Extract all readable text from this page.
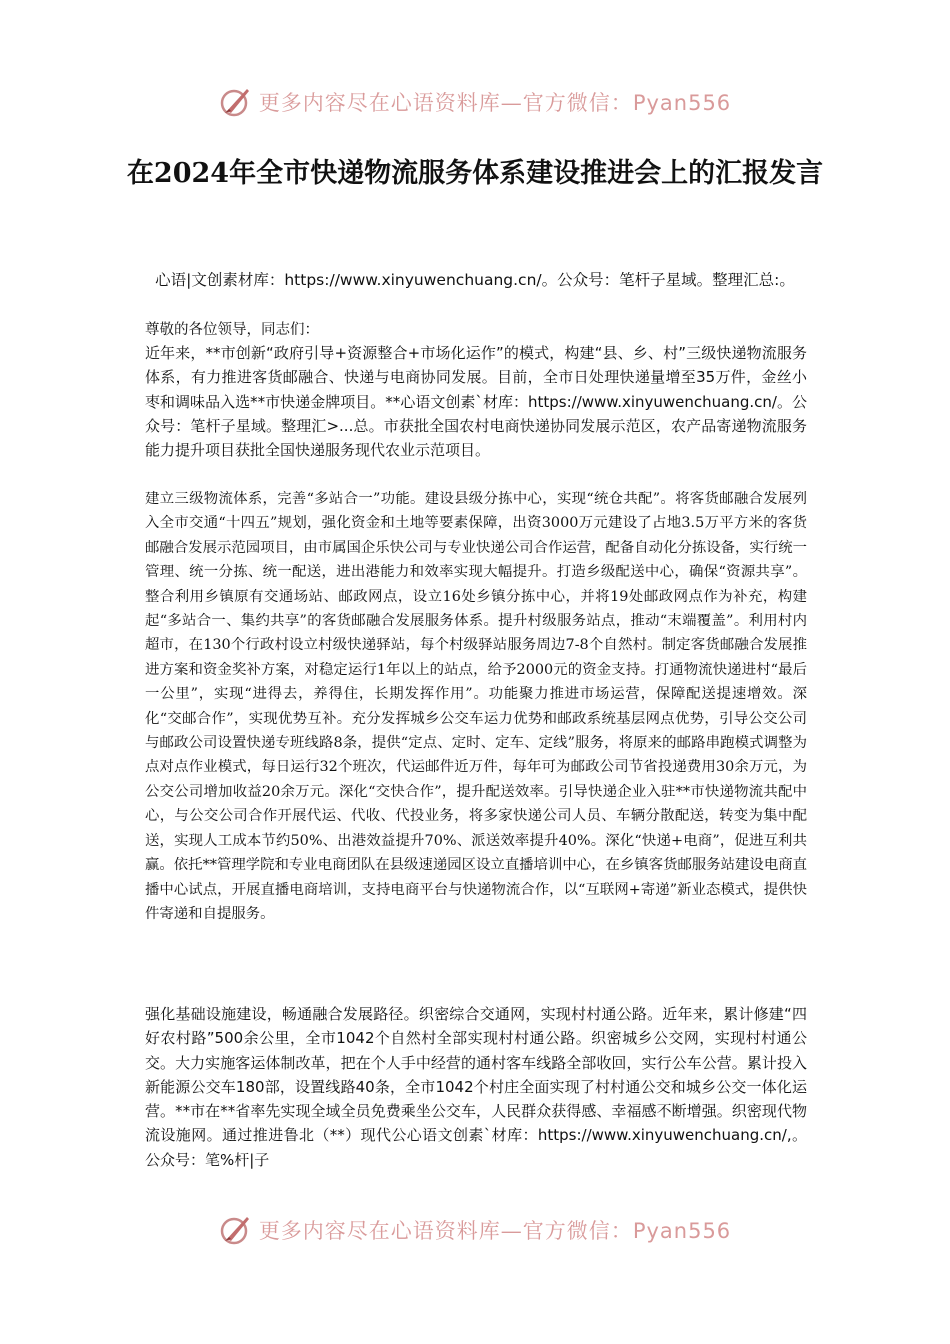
更多内容尽在心语资料库—官方微信：Pyan556
在2024年全市快递物流服务体系建设推进会上的汇报发言

心语|文创素材库：https://www.xinyuwenchuang.cn/。公众号：笔杆子星域。整理汇总:。

尊敬的各位领导，同志们：

近年来，**市创新“政府引导+资源整合+市场化运作”的模式，构建“县、乡、村”三级快递物流服务体系，有力推进客货邮融合、快递与电商协同发展。目前，全市日处理快递量增至35万件，金丝小枣和调味品入选**市快递金牌项目。**心语文创素`材库：https://www.xinyuwenchuang.cn/。公众号：笔杆子星域。整理汇>...总。市获批全国农村电商快递协同发展示范区，农产品寄递物流服务能力提升项目获批全国快递服务现代农业示范项目。

建立三级物流体系，完善“多站合一”功能。建设县级分拣中心，实现“统仓共配”。将客货邮融合发展列入全市交通“十四五”规划，强化资金和土地等要素保障，出资3000万元建设了占地3.5万平方米的客货邮融合发展示范园项目，由市属国企乐快公司与专业快递公司合作运营，配备自动化分拣设备，实行统一管理、统一分拣、统一配送，进出港能力和效率实现大幅提升。打造乡级配送中心，确保“资源共享”。整合利用乡镇原有交通场站、邮政网点，设立16处乡镇分拣中心，并将19处邮政网点作为补充，构建起“多站合一、集约共享”的客货邮融合发展服务体系。提升村级服务站点，推动“末端覆盖”。利用村内超市，在130个行政村设立村级快递驿站，每个村级驿站服务周边7-8个自然村。制定客货邮融合发展推进方案和资金奖补方案，对稳定运行1年以上的站点，给予2000元的资金支持。打通物流快递进村“最后一公里”，实现“进得去，养得住，长期发挥作用”。功能聚力推进市场运营，保障配送提速增效。深化“交邮合作”，实现优势互补。充分发挥城乡公交车运力优势和邮政系统基层网点优势，引导公交公司与邮政公司设置快递专班线路8条，提供“定点、定时、定车、定线”服务，将原来的邮路串跑模式调整为点对点作业模式，每日运行32个班次，代运邮件近万件，每年可为邮政公司节省投递费用30余万元，为公交公司增加收益20余万元。深化“交快合作”，提升配送效率。引导快递企业入驻**市快递物流共配中心，与公交公司合作开展代运、代收、代投业务，将多家快递公司人员、车辆分散配送，转变为集中配送，实现人工成本节约50%、出港效益提升70%、派送效率提升40%。深化“快递+电商”，促进互利共赢。依托**管理学院和专业电商团队在县级速递园区设立直播培训中心，在乡镇客货邮服务站建设电商直播中心试点，开展直播电商培训，支持电商平台与快递物流合作，以“互联网+寄递”新业态模式，提供快件寄递和自提服务。

强化基础设施建设，畅通融合发展路径。织密综合交通网，实现村村通公路。近年来，累计修建“四好农村路”500余公里，全市1042个自然村全部实现村村通公路。织密城乡公交网，实现村村通公交。大力实施客运体制改革，把在个人手中经营的通村客车线路全部收回，实行公车公营。累计投入新能源公交车180部，设置线路40条，全市1042个村庄全面实现了村村通公交和城乡公交一体化运营。**市在**省率先实现全域全员免费乘坐公交车，人民群众获得感、幸福感不断增强。织密现代物流设施网。通过推进鲁北（**）现代公心语文创素`材库：https://www.xinyuwenchuang.cn/,。公众号：笔%杆|子

更多内容尽在心语资料库—官方微信：Pyan556
